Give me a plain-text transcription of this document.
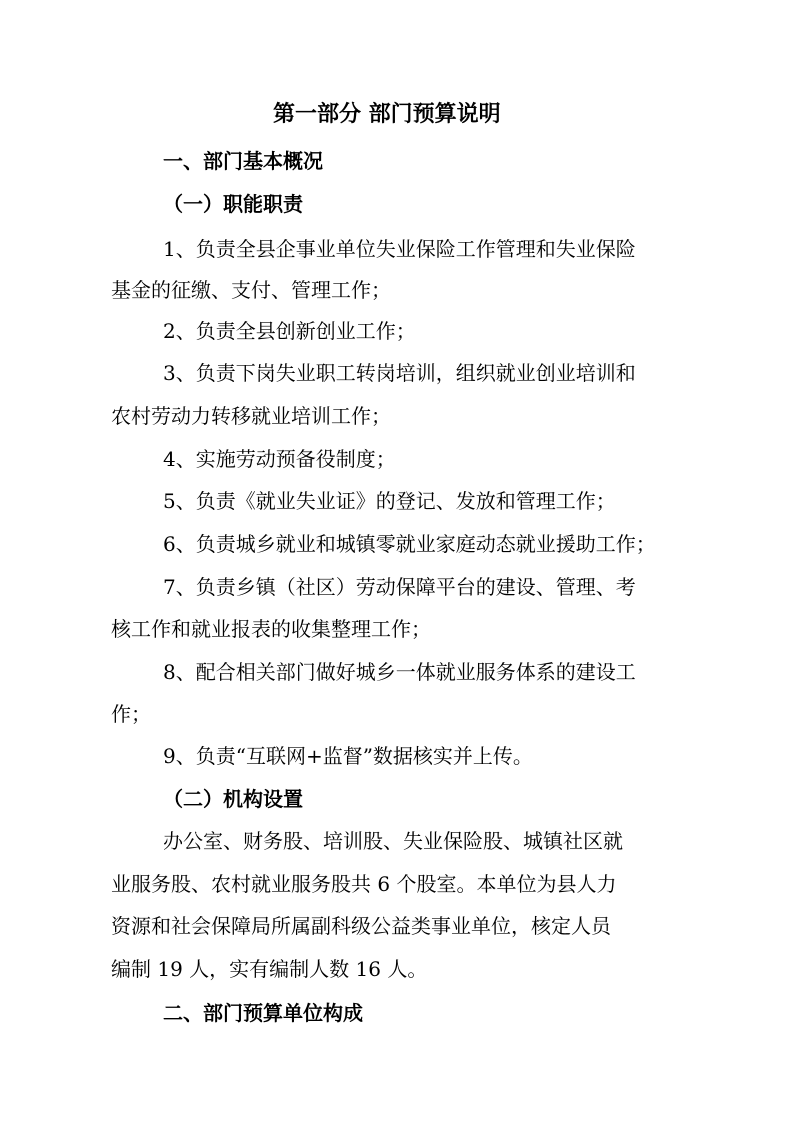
第一部分 部门预算说明
一、部门基本概况
（一）职能职责
1、负责全县企事业单位失业保险工作管理和失业保险
基金的征缴、支付、管理工作；
2、负责全县创新创业工作；
3、负责下岗失业职工转岗培训，组织就业创业培训和
农村劳动力转移就业培训工作；
4、实施劳动预备役制度；
5、负责《就业失业证》的登记、发放和管理工作；
6、负责城乡就业和城镇零就业家庭动态就业援助工作；
7、负责乡镇（社区）劳动保障平台的建设、管理、考
核工作和就业报表的收集整理工作；
8、配合相关部门做好城乡一体就业服务体系的建设工
作；
9、负责“互联网+监督”数据核实并上传。
（二）机构设置
办公室、财务股、培训股、失业保险股、城镇社区就
业服务股、农村就业服务股共 6 个股室。本单位为县人力
资源和社会保障局所属副科级公益类事业单位，核定人员
编制 19 人，实有编制人数 16 人。
二、部门预算单位构成
